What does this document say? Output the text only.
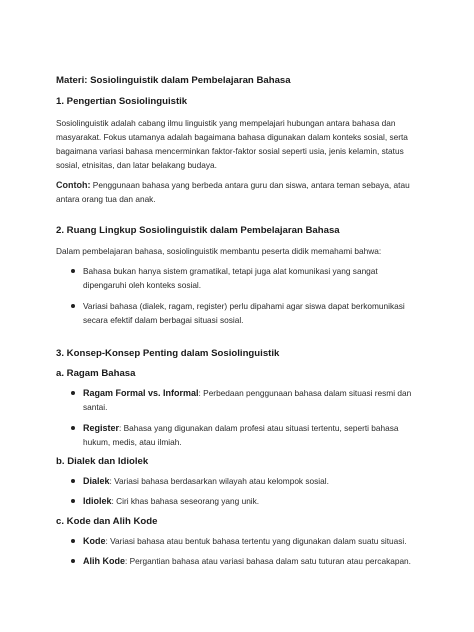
Materi: Sosiolinguistik dalam Pembelajaran Bahasa

1. Pengertian Sosiolinguistik

Sosiolinguistik adalah cabang ilmu linguistik yang mempelajari hubungan antara bahasa dan masyarakat. Fokus utamanya adalah bagaimana bahasa digunakan dalam konteks sosial, serta bagaimana variasi bahasa mencerminkan faktor-faktor sosial seperti usia, jenis kelamin, status sosial, etnisitas, dan latar belakang budaya.

Contoh: Penggunaan bahasa yang berbeda antara guru dan siswa, antara teman sebaya, atau antara orang tua dan anak.

2. Ruang Lingkup Sosiolinguistik dalam Pembelajaran Bahasa

Dalam pembelajaran bahasa, sosiolinguistik membantu peserta didik memahami bahwa:

Bahasa bukan hanya sistem gramatikal, tetapi juga alat komunikasi yang sangat dipengaruhi oleh konteks sosial.
Variasi bahasa (dialek, ragam, register) perlu dipahami agar siswa dapat berkomunikasi secara efektif dalam berbagai situasi sosial.

3. Konsep-Konsep Penting dalam Sosiolinguistik

a. Ragam Bahasa

Ragam Formal vs. Informal: Perbedaan penggunaan bahasa dalam situasi resmi dan santai.
Register: Bahasa yang digunakan dalam profesi atau situasi tertentu, seperti bahasa hukum, medis, atau ilmiah.

b. Dialek dan Idiolek

Dialek: Variasi bahasa berdasarkan wilayah atau kelompok sosial.
Idiolek: Ciri khas bahasa seseorang yang unik.

c. Kode dan Alih Kode

Kode: Variasi bahasa atau bentuk bahasa tertentu yang digunakan dalam suatu situasi.
Alih Kode: Pergantian bahasa atau variasi bahasa dalam satu tuturan atau percakapan.
